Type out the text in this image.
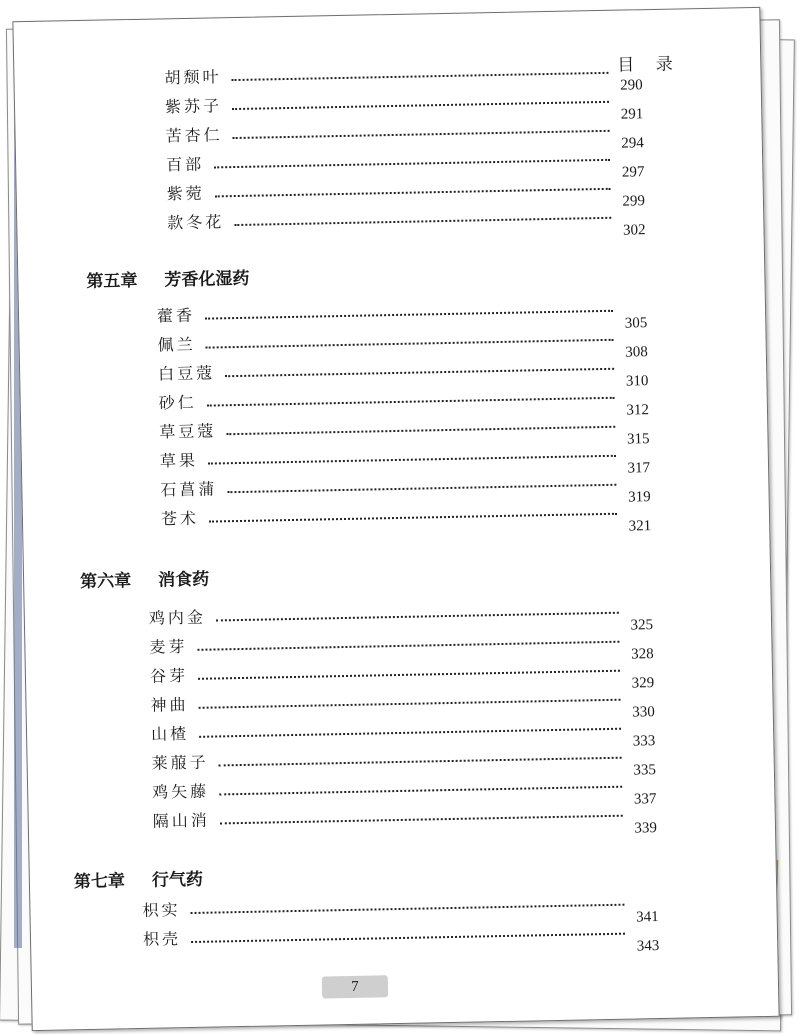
目 录
胡颓叶	290
紫苏子	291
苦杏仁	294
百部	297
紫菀	299
款冬花	302
第五章 芳香化湿药
藿香	305
佩兰	308
白豆蔻	310
砂仁	312
草豆蔻	315
草果	317
石菖蒲	319
苍术	321
第六章 消食药
鸡内金	325
麦芽	328
谷芽	329
神曲	330
山楂	333
莱菔子	335
鸡矢藤	337
隔山消	339
第七章 行气药
枳实	341
枳壳	343
7
